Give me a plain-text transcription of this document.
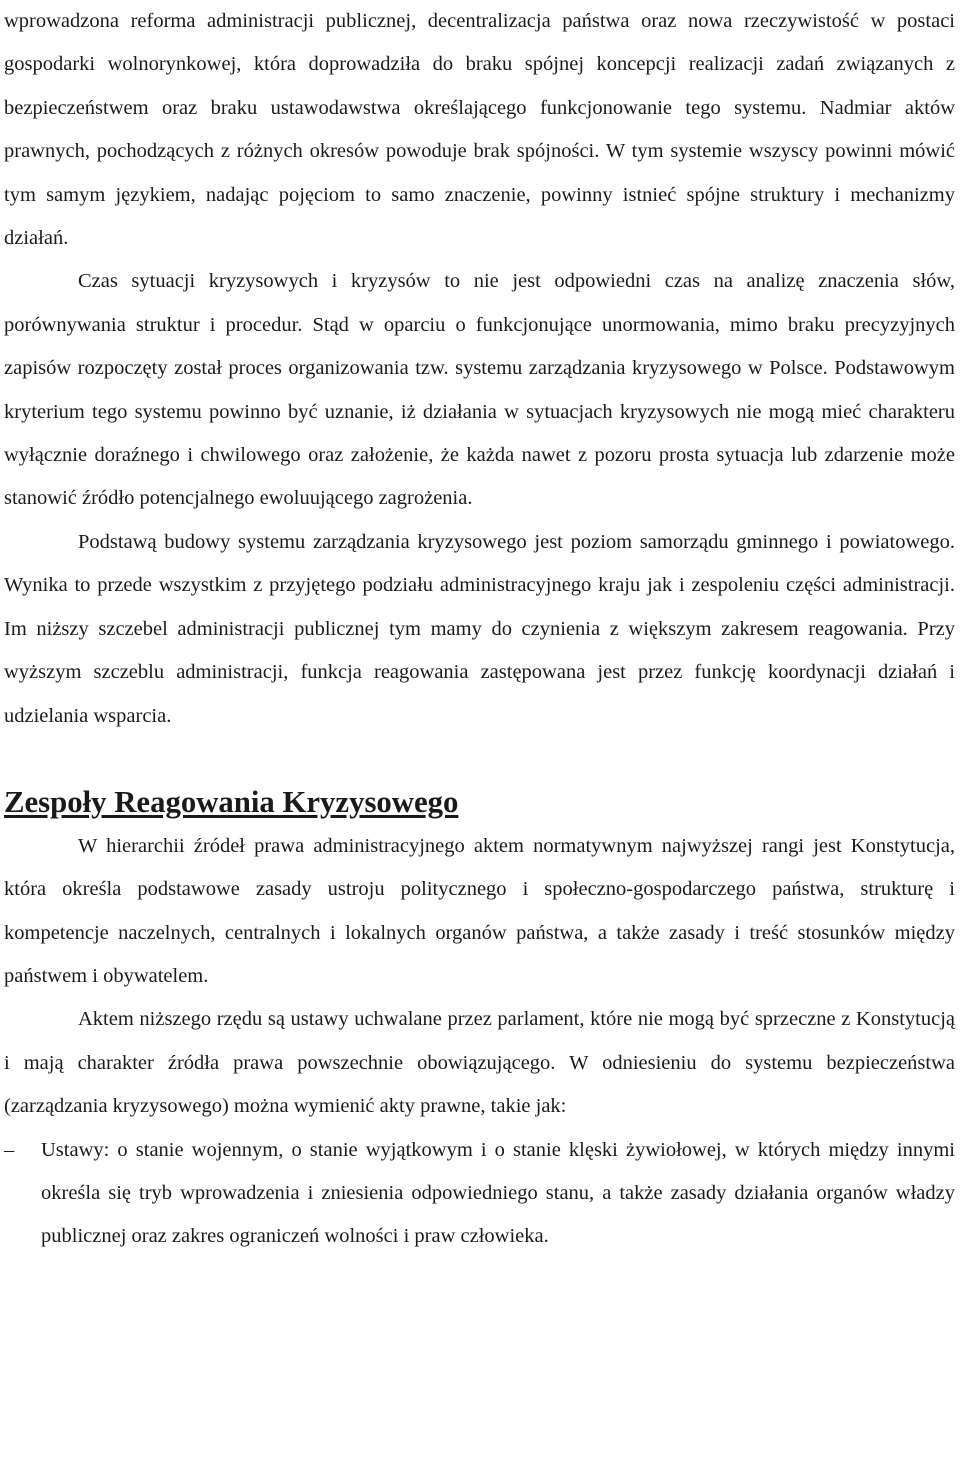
wprowadzona reforma administracji publicznej, decentralizacja państwa oraz nowa rzeczywistość w postaci gospodarki wolnorynkowej, która doprowadziła do braku spójnej koncepcji realizacji zadań związanych z bezpieczeństwem oraz braku ustawodawstwa określającego funkcjonowanie tego systemu. Nadmiar aktów prawnych, pochodzących z różnych okresów powoduje brak spójności. W tym systemie wszyscy powinni mówić tym samym językiem, nadając pojęciom to samo znaczenie, powinny istnieć spójne struktury i mechanizmy działań.

Czas sytuacji kryzysowych i kryzysów to nie jest odpowiedni czas na analizę znaczenia słów, porównywania struktur i procedur. Stąd w oparciu o funkcjonujące unormowania, mimo braku precyzyjnych zapisów rozpoczęty został proces organizowania tzw. systemu zarządzania kryzysowego w Polsce. Podstawowym kryterium tego systemu powinno być uznanie, iż działania w sytuacjach kryzysowych nie mogą mieć charakteru wyłącznie doraźnego i chwilowego oraz założenie, że każda nawet z pozoru prosta sytuacja lub zdarzenie może stanowić źródło potencjalnego ewoluującego zagrożenia.

Podstawą budowy systemu zarządzania kryzysowego jest poziom samorządu gminnego i powiatowego. Wynika to przede wszystkim z przyjętego podziału administracyjnego kraju jak i zespoleniu części administracji. Im niższy szczebel administracji publicznej tym mamy do czynienia z większym zakresem reagowania. Przy wyższym szczeblu administracji, funkcja reagowania zastępowana jest przez funkcję koordynacji działań i udzielania wsparcia.

Zespoły Reagowania Kryzysowego

W hierarchii źródeł prawa administracyjnego aktem normatywnym najwyższej rangi jest Konstytucja, która określa podstawowe zasady ustroju politycznego i społeczno-gospodarczego państwa, strukturę i kompetencje naczelnych, centralnych i lokalnych organów państwa, a także zasady i treść stosunków między państwem i obywatelem.

Aktem niższego rzędu są ustawy uchwalane przez parlament, które nie mogą być sprzeczne z Konstytucją i mają charakter źródła prawa powszechnie obowiązującego. W odniesieniu do systemu bezpieczeństwa (zarządzania kryzysowego) można wymienić akty prawne, takie jak:

–	Ustawy: o stanie wojennym, o stanie wyjątkowym i o stanie klęski żywiołowej, w których między innymi określa się tryb wprowadzenia i zniesienia odpowiedniego stanu, a także zasady działania organów władzy publicznej oraz zakres ograniczeń wolności i praw człowieka.
